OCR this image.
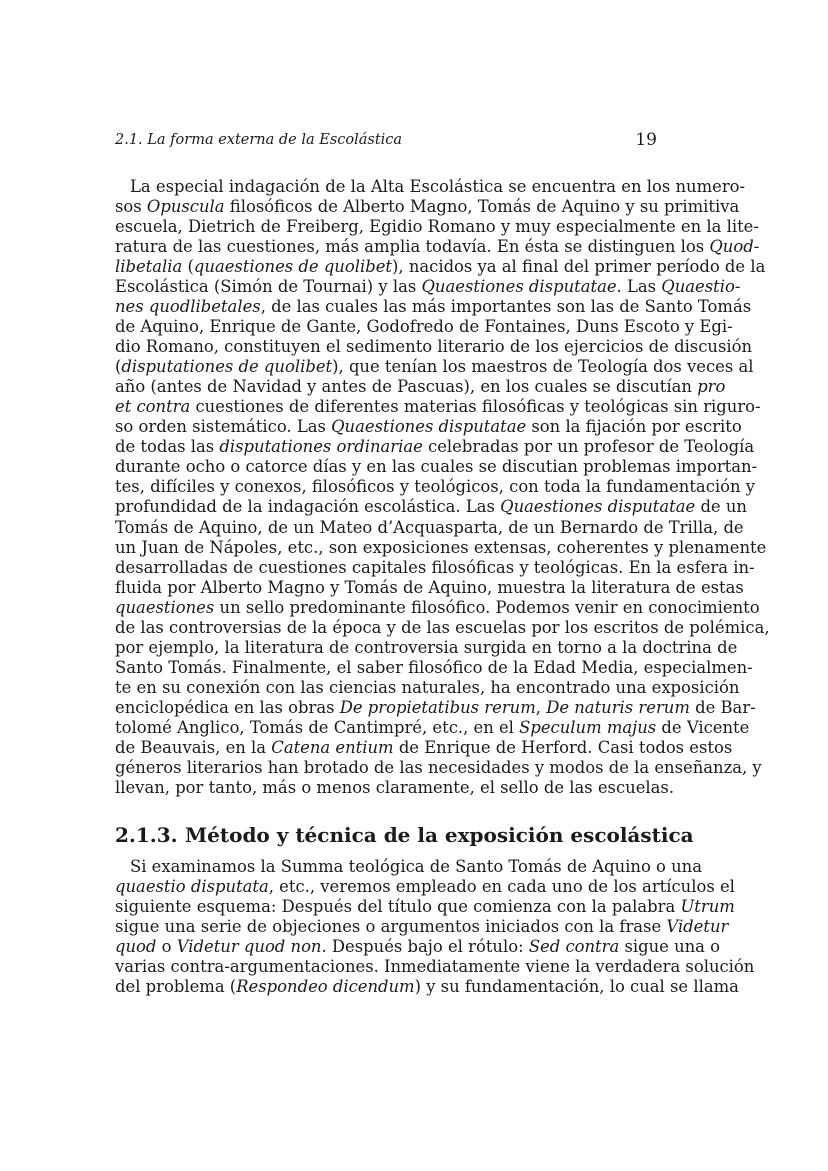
2.1. La forma externa de la Escolástica	19
La especial indagación de la Alta Escolástica se encuentra en los numero-
sos Opuscula filosóficos de Alberto Magno, Tomás de Aquino y su primitiva
escuela, Dietrich de Freiberg, Egidio Romano y muy especialmente en la lite-
ratura de las cuestiones, más amplia todavía. En ésta se distinguen los Quod-
libetalia (quaestiones de quolibet), nacidos ya al final del primer período de la
Escolástica (Simón de Tournai) y las Quaestiones disputatae. Las Quaestio-
nes quodlibetales, de las cuales las más importantes son las de Santo Tomás
de Aquino, Enrique de Gante, Godofredo de Fontaines, Duns Escoto y Egi-
dio Romano, constituyen el sedimento literario de los ejercicios de discusión
(disputationes de quolibet), que tenían los maestros de Teología dos veces al
año (antes de Navidad y antes de Pascuas), en los cuales se discutían pro
et contra cuestiones de diferentes materias filosóficas y teológicas sin riguro-
so orden sistemático. Las Quaestiones disputatae son la fijación por escrito
de todas las disputationes ordinariae celebradas por un profesor de Teología
durante ocho o catorce días y en las cuales se discutian problemas importan-
tes, difíciles y conexos, filosóficos y teológicos, con toda la fundamentación y
profundidad de la indagación escolástica. Las Quaestiones disputatae de un
Tomás de Aquino, de un Mateo d’Acquasparta, de un Bernardo de Trilla, de
un Juan de Nápoles, etc., son exposiciones extensas, coherentes y plenamente
desarrolladas de cuestiones capitales filosóficas y teológicas. En la esfera in-
fluida por Alberto Magno y Tomás de Aquino, muestra la literatura de estas
quaestiones un sello predominante filosófico. Podemos venir en conocimiento
de las controversias de la época y de las escuelas por los escritos de polémica,
por ejemplo, la literatura de controversia surgida en torno a la doctrina de
Santo Tomás. Finalmente, el saber filosófico de la Edad Media, especialmen-
te en su conexión con las ciencias naturales, ha encontrado una exposición
enciclopédica en las obras De propietatibus rerum, De naturis rerum de Bar-
tolomé Anglico, Tomás de Cantimpré, etc., en el Speculum majus de Vicente
de Beauvais, en la Catena entium de Enrique de Herford. Casi todos estos
géneros literarios han brotado de las necesidades y modos de la enseñanza, y
llevan, por tanto, más o menos claramente, el sello de las escuelas.
2.1.3. Método y técnica de la exposición escolástica
Si examinamos la Summa teológica de Santo Tomás de Aquino o una
quaestio disputata, etc., veremos empleado en cada uno de los artículos el
siguiente esquema: Después del título que comienza con la palabra Utrum
sigue una serie de objeciones o argumentos iniciados con la frase Videtur
quod o Videtur quod non. Después bajo el rótulo: Sed contra sigue una o
varias contra-argumentaciones. Inmediatamente viene la verdadera solución
del problema (Respondeo dicendum) y su fundamentación, lo cual se llama
